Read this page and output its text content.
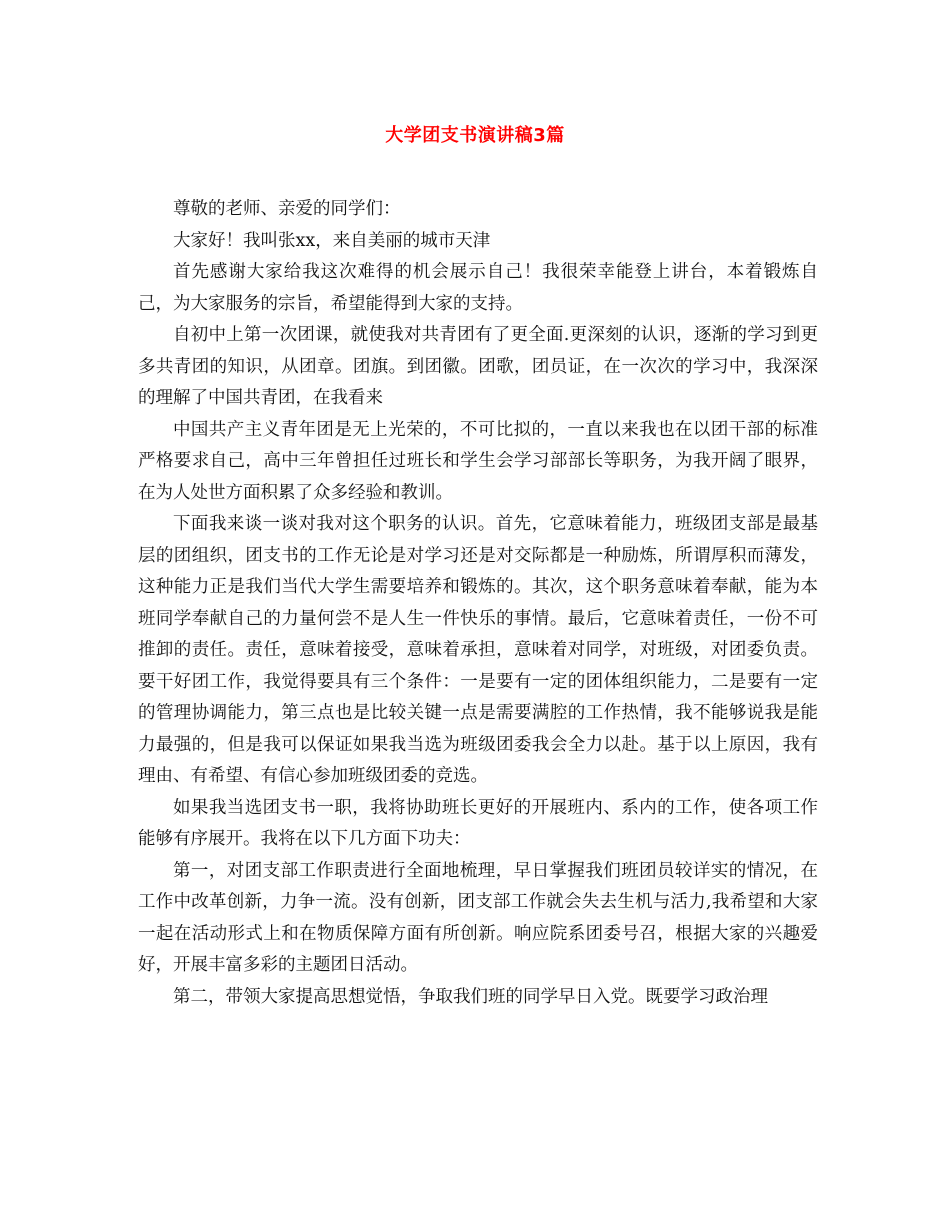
大学团支书演讲稿3篇

尊敬的老师、亲爱的同学们：

大家好！我叫张xx，来自美丽的城市天津

首先感谢大家给我这次难得的机会展示自己！我很荣幸能登上讲台，本着锻炼自己，为大家服务的宗旨，希望能得到大家的支持。

自初中上第一次团课，就使我对共青团有了更全面.更深刻的认识，逐渐的学习到更多共青团的知识，从团章。团旗。到团徽。团歌，团员证，在一次次的学习中，我深深的理解了中国共青团，在我看来

中国共产主义青年团是无上光荣的，不可比拟的，一直以来我也在以团干部的标准严格要求自己，高中三年曾担任过班长和学生会学习部部长等职务，为我开阔了眼界，在为人处世方面积累了众多经验和教训。

下面我来谈一谈对我对这个职务的认识。首先，它意味着能力，班级团支部是最基层的团组织，团支书的工作无论是对学习还是对交际都是一种励炼，所谓厚积而薄发，这种能力正是我们当代大学生需要培养和锻炼的。其次，这个职务意味着奉献，能为本班同学奉献自己的力量何尝不是人生一件快乐的事情。最后，它意味着责任，一份不可推卸的责任。责任，意味着接受，意味着承担，意味着对同学，对班级，对团委负责。要干好团工作，我觉得要具有三个条件：一是要有一定的团体组织能力，二是要有一定的管理协调能力，第三点也是比较关键一点是需要满腔的工作热情，我不能够说我是能力最强的，但是我可以保证如果我当选为班级团委我会全力以赴。基于以上原因，我有理由、有希望、有信心参加班级团委的竞选。

如果我当选团支书一职，我将协助班长更好的开展班内、系内的工作，使各项工作能够有序展开。我将在以下几方面下功夫：

第一，对团支部工作职责进行全面地梳理，早日掌握我们班团员较详实的情况，在工作中改革创新，力争一流。没有创新，团支部工作就会失去生机与活力,我希望和大家一起在活动形式上和在物质保障方面有所创新。响应院系团委号召，根据大家的兴趣爱好，开展丰富多彩的主题团日活动。

第二，带领大家提高思想觉悟，争取我们班的同学早日入党。既要学习政治理
